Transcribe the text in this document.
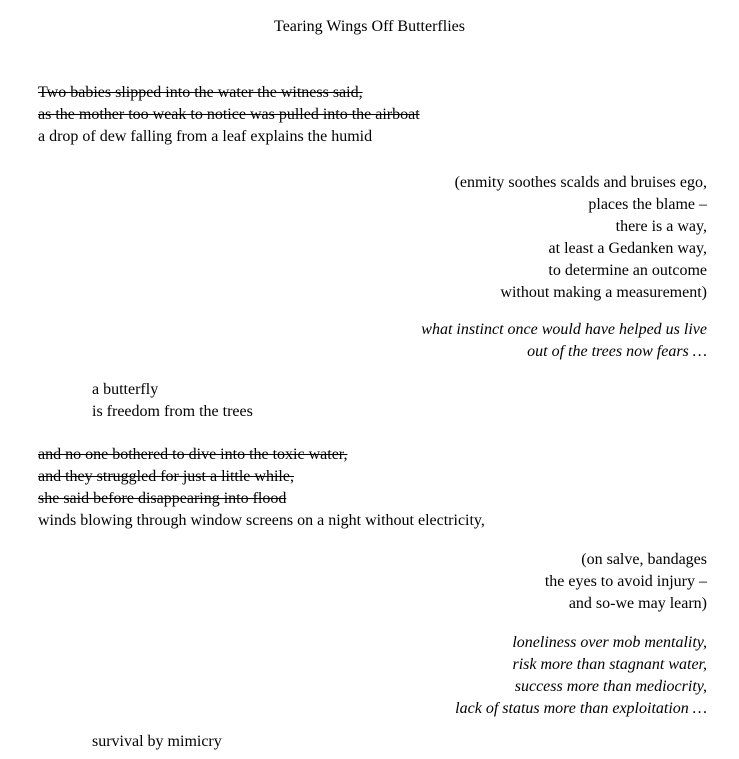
Tearing Wings Off Butterflies
Two babies slipped into the water the witness said,
as the mother too weak to notice was pulled into the airboat
a drop of dew falling from a leaf explains the humid
(enmity soothes scalds and bruises ego,
places the blame –
there is a way,
at least a Gedanken way,
to determine an outcome
without making a measurement)
what instinct once would have helped us live
out of the trees now fears …
a butterfly
is freedom from the trees
and no one bothered to dive into the toxic water,
and they struggled for just a little while,
she said before disappearing into flood
winds blowing through window screens on a night without electricity,
(on salve, bandages
the eyes to avoid injury –
and so-we may learn)
loneliness over mob mentality,
risk more than stagnant water,
success more than mediocrity,
lack of status more than exploitation …
survival by mimicry
